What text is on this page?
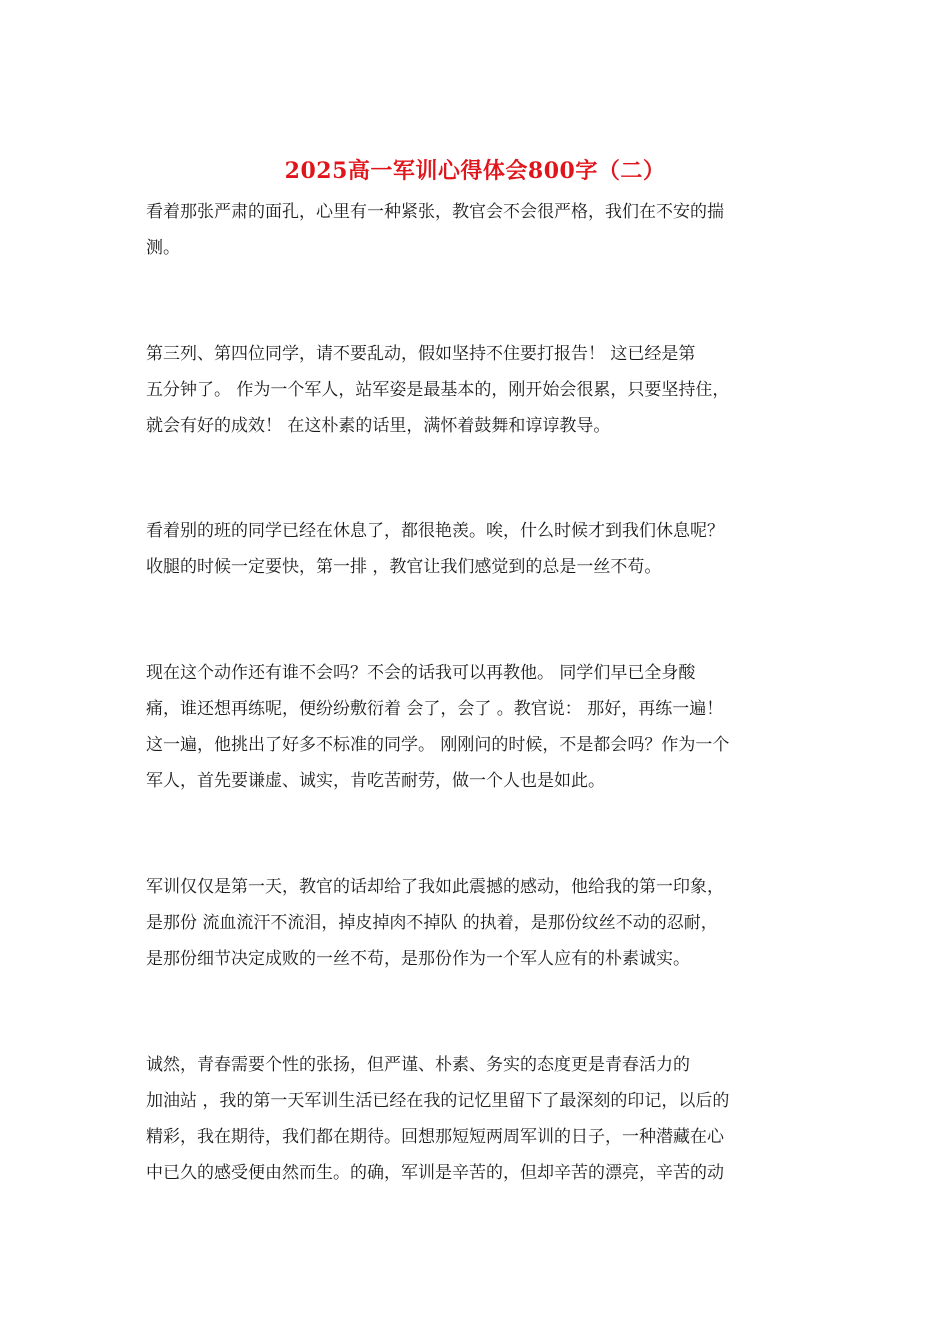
2025高一军训心得体会800字（二）
看着那张严肃的面孔，心里有一种紧张，教官会不会很严格，我们在不安的揣
测。
第三列、第四位同学，请不要乱动，假如坚持不住要打报告！ 这已经是第
五分钟了。 作为一个军人，站军姿是最基本的，刚开始会很累，只要坚持住，
就会有好的成效！ 在这朴素的话里，满怀着鼓舞和谆谆教导。
看着别的班的同学已经在休息了，都很艳羡。唉，什么时候才到我们休息呢？
收腿的时候一定要快，第一排 ，教官让我们感觉到的总是一丝不苟。
现在这个动作还有谁不会吗？不会的话我可以再教他。 同学们早已全身酸
痛，谁还想再练呢，便纷纷敷衍着 会了，会了 。教官说： 那好，再练一遍！
这一遍，他挑出了好多不标准的同学。 刚刚问的时候，不是都会吗？作为一个
军人，首先要谦虚、诚实，肯吃苦耐劳，做一个人也是如此。
军训仅仅是第一天，教官的话却给了我如此震撼的感动，他给我的第一印象，
是那份 流血流汗不流泪，掉皮掉肉不掉队 的执着，是那份纹丝不动的忍耐，
是那份细节决定成败的一丝不苟，是那份作为一个军人应有的朴素诚实。
诚然，青春需要个性的张扬，但严谨、朴素、务实的态度更是青春活力的
加油站 ，我的第一天军训生活已经在我的记忆里留下了最深刻的印记，以后的
精彩，我在期待，我们都在期待。回想那短短两周军训的日子，一种潜藏在心
中已久的感受便由然而生。的确，军训是辛苦的，但却辛苦的漂亮，辛苦的动
